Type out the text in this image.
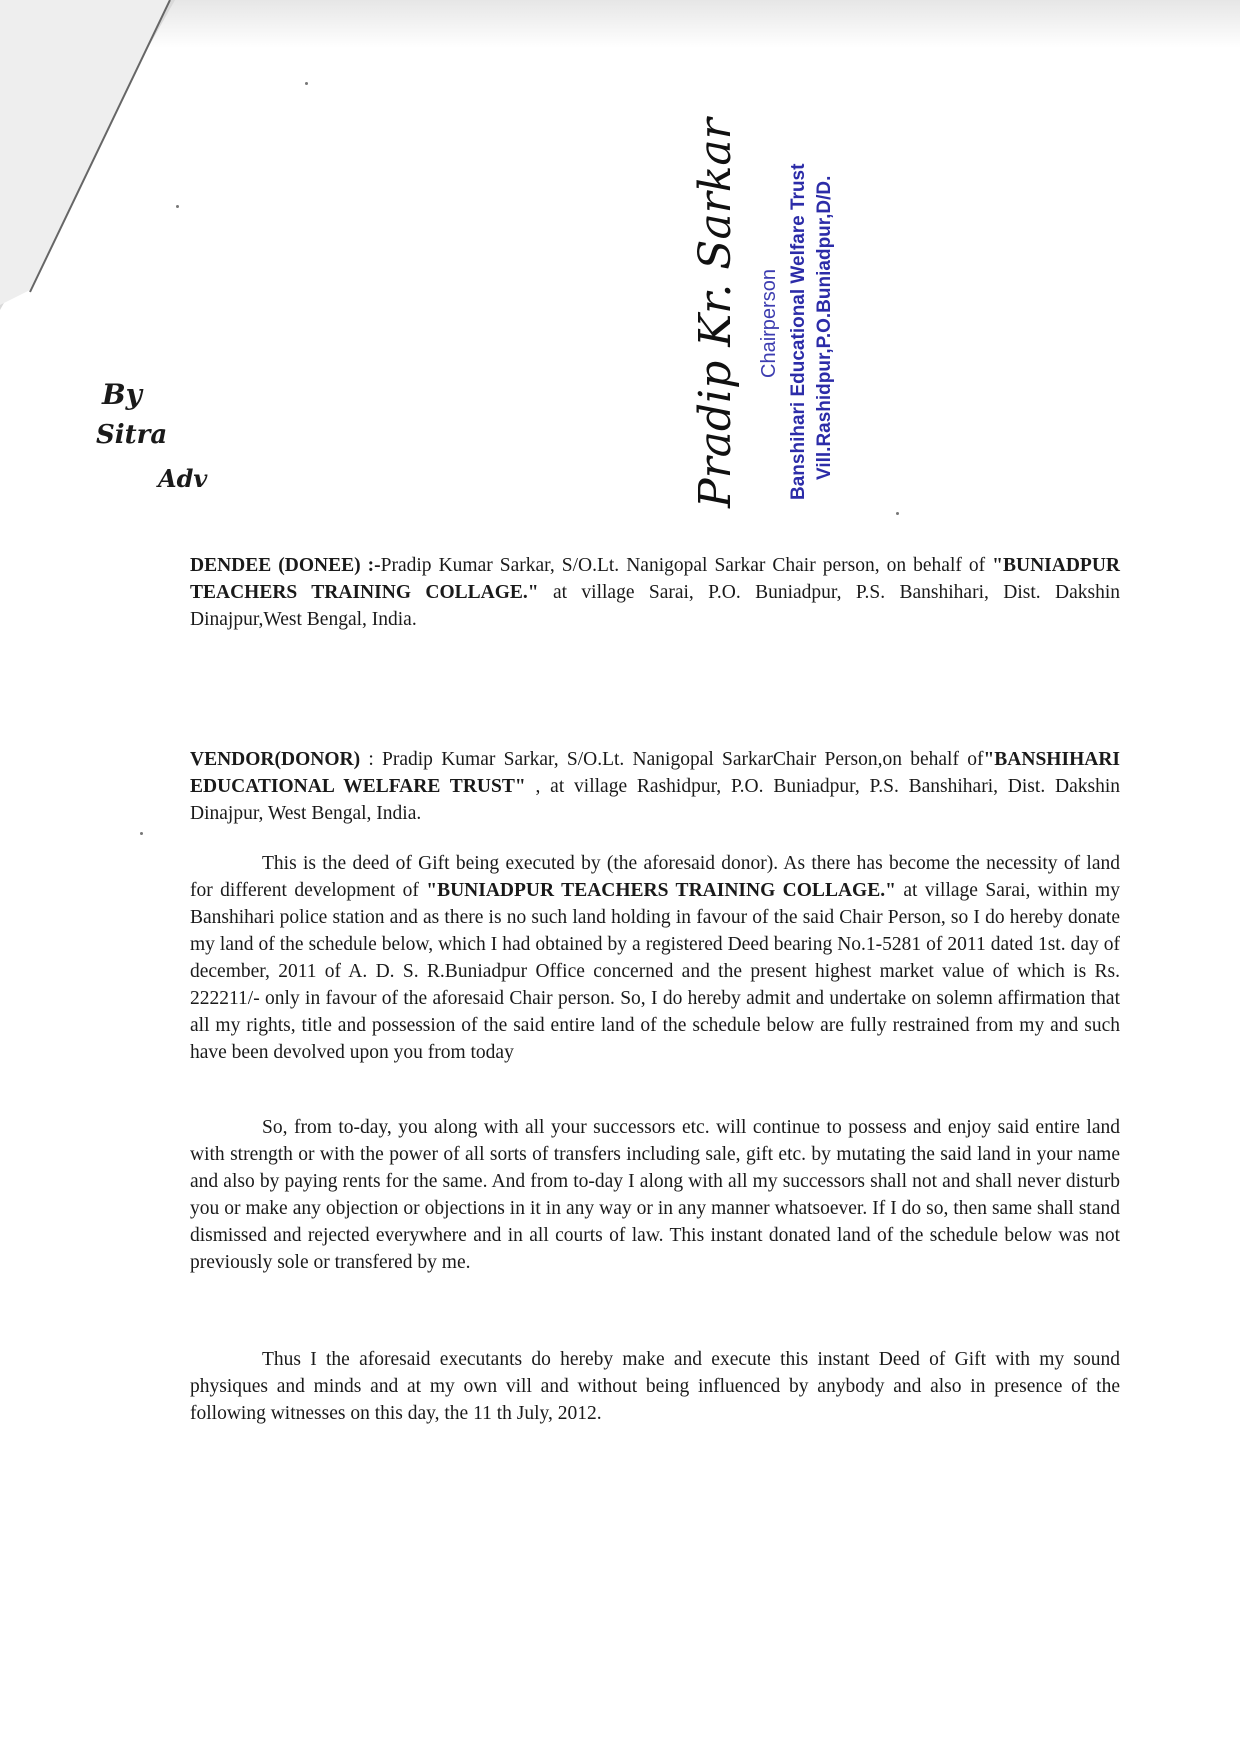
By
Sitra
Adv	Pradip Kr. Sarkar Chairperson Banshihari Educational Welfare Trust Vill.Rashidpur,P.O.Buniadpur,D/D.
DENDEE (DONEE) :-Pradip Kumar Sarkar, S/O.Lt. Nanigopal Sarkar Chair person, on behalf of "BUNIADPUR TEACHERS TRAINING COLLAGE." at village Sarai, P.O. Buniadpur, P.S. Banshihari, Dist. Dakshin Dinajpur,West Bengal, India.
VENDOR(DONOR) : Pradip Kumar Sarkar, S/O.Lt. Nanigopal SarkarChair Person,on behalf of"BANSHIHARI EDUCATIONAL WELFARE TRUST" , at village Rashidpur, P.O. Buniadpur, P.S. Banshihari, Dist. Dakshin Dinajpur, West Bengal, India.
This is the deed of Gift being executed by (the aforesaid donor). As there has become the necessity of land for different development of "BUNIADPUR TEACHERS TRAINING COLLAGE." at village Sarai, within my Banshihari police station and as there is no such land holding in favour of the said Chair Person, so I do hereby donate my land of the schedule below, which I had obtained by a registered Deed bearing No.1-5281 of 2011 dated 1st. day of december, 2011 of A. D. S. R.Buniadpur Office concerned and the present highest market value of which is Rs. 222211/- only in favour of the aforesaid Chair person. So, I do hereby admit and undertake on solemn affirmation that all my rights, title and possession of the said entire land of the schedule below are fully restrained from my and such have been devolved upon you from today
So, from to-day, you along with all your successors etc. will continue to possess and enjoy said entire land with strength or with the power of all sorts of transfers including sale, gift etc. by mutating the said land in your name and also by paying rents for the same. And from to-day I along with all my successors shall not and shall never disturb you or make any objection or objections in it in any way or in any manner whatsoever. If I do so, then same shall stand dismissed and rejected everywhere and in all courts of law. This instant donated land of the schedule below was not previously sole or transfered by me.
Thus I the aforesaid executants do hereby make and execute this instant Deed of Gift with my sound physiques and minds and at my own vill and without being influenced by anybody and also in presence of the following witnesses on this day, the 11 th July, 2012.
